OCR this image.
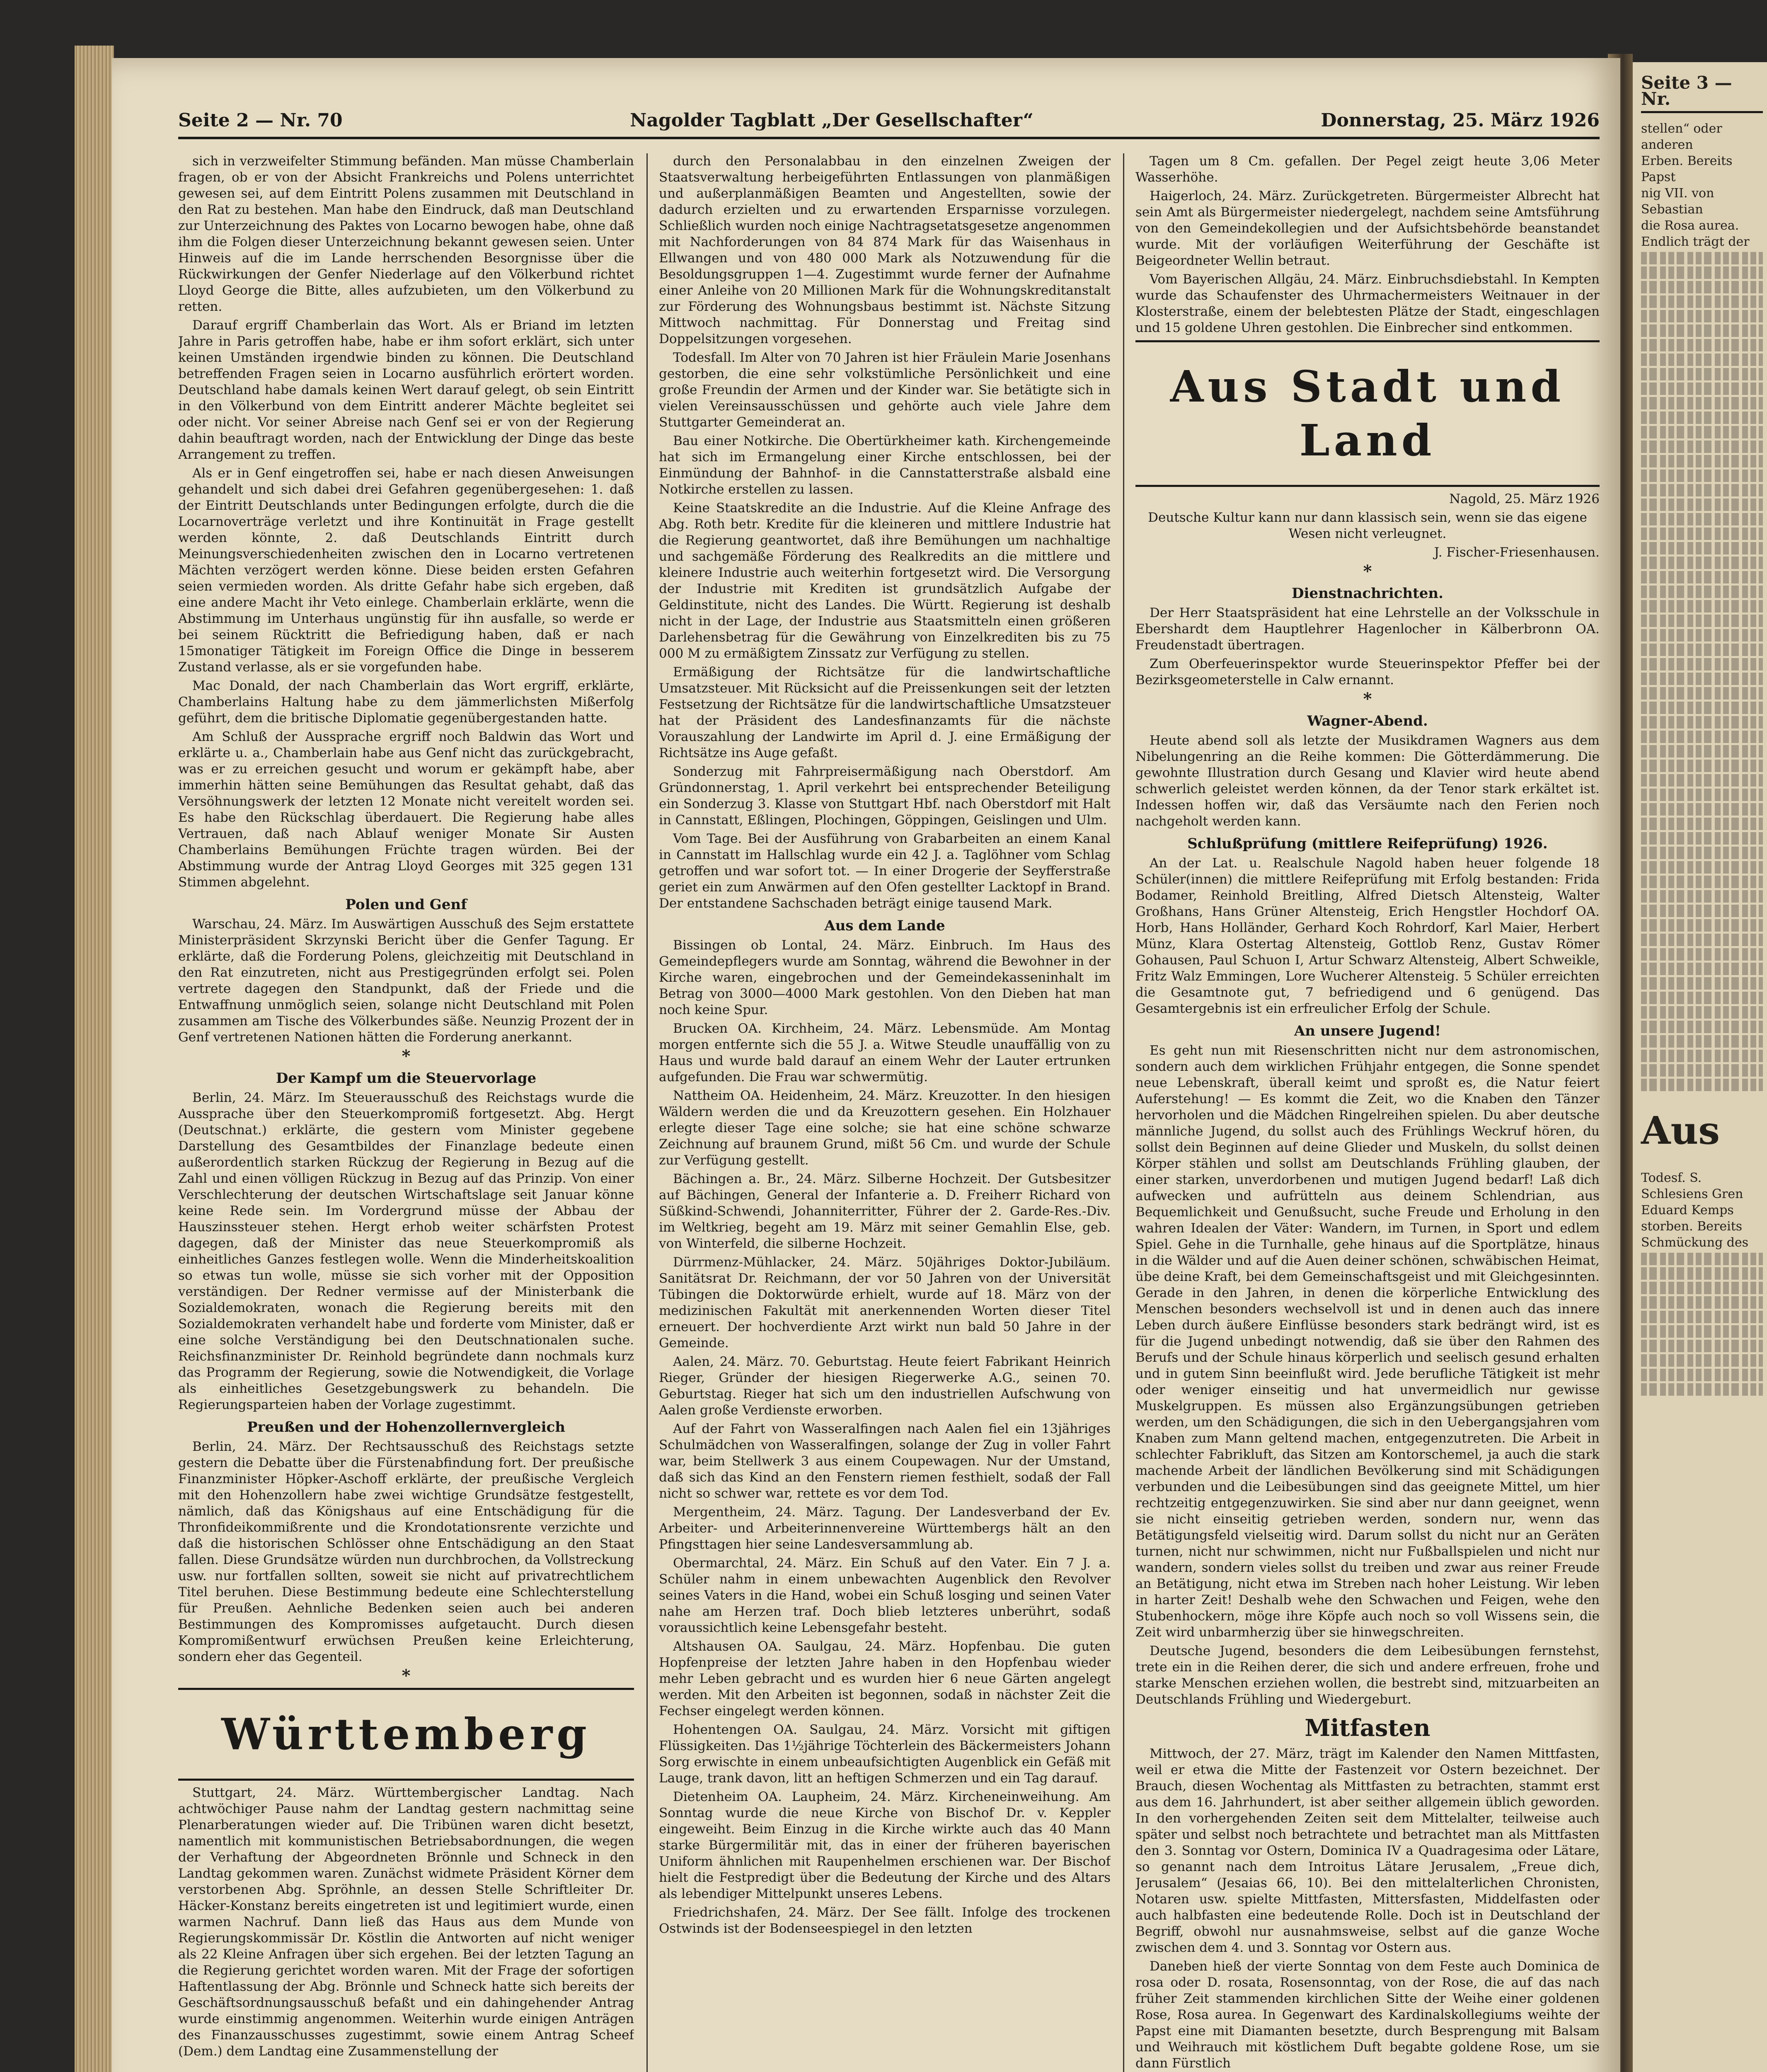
Seite 2 — Nr. 70	Nagolder Tagblatt „Der Gesellschafter“	Donnerstag, 25. März 1926

sich in verzweifelter Stimmung befänden. Man müsse Chamberlain fragen, ob er von der Absicht Frankreichs und Polens unterrichtet gewesen sei, auf dem Eintritt Polens zusammen mit Deutschland in den Rat zu bestehen. Man habe den Eindruck, daß man Deutschland zur Unterzeichnung des Paktes von Locarno bewogen habe, ohne daß ihm die Folgen dieser Unterzeichnung bekannt gewesen seien. Unter Hinweis auf die im Lande herrschenden Besorgnisse über die Rückwirkungen der Genfer Niederlage auf den Völkerbund richtet Lloyd George die Bitte, alles aufzubieten, um den Völkerbund zu retten.

Darauf ergriff Chamberlain das Wort. Als er Briand im letzten Jahre in Paris getroffen habe, habe er ihm sofort erklärt, sich unter keinen Umständen irgendwie binden zu können. Die Deutschland betreffenden Fragen seien in Locarno ausführlich erörtert worden. Deutschland habe damals keinen Wert darauf gelegt, ob sein Eintritt in den Völkerbund von dem Eintritt anderer Mächte begleitet sei oder nicht. Vor seiner Abreise nach Genf sei er von der Regierung dahin beauftragt worden, nach der Entwicklung der Dinge das beste Arrangement zu treffen.

Als er in Genf eingetroffen sei, habe er nach diesen Anweisungen gehandelt und sich dabei drei Gefahren gegenübergesehen: 1. daß der Eintritt Deutschlands unter Bedingungen erfolgte, durch die die Locarnoverträge verletzt und ihre Kontinuität in Frage gestellt werden könnte, 2. daß Deutschlands Eintritt durch Meinungsverschiedenheiten zwischen den in Locarno vertretenen Mächten verzögert werden könne. Diese beiden ersten Gefahren seien vermieden worden. Als dritte Gefahr habe sich ergeben, daß eine andere Macht ihr Veto einlege. Chamberlain erklärte, wenn die Abstimmung im Unterhaus ungünstig für ihn ausfalle, so werde er bei seinem Rücktritt die Befriedigung haben, daß er nach 15monatiger Tätigkeit im Foreign Office die Dinge in besserem Zustand verlasse, als er sie vorgefunden habe.

Mac Donald, der nach Chamberlain das Wort ergriff, erklärte, Chamberlains Haltung habe zu dem jämmerlichsten Mißerfolg geführt, dem die britische Diplomatie gegenübergestanden hatte.

Am Schluß der Aussprache ergriff noch Baldwin das Wort und erklärte u. a., Chamberlain habe aus Genf nicht das zurückgebracht, was er zu erreichen gesucht und worum er gekämpft habe, aber immerhin hätten seine Bemühungen das Resultat gehabt, daß das Versöhnungswerk der letzten 12 Monate nicht vereitelt worden sei. Es habe den Rückschlag überdauert. Die Regierung habe alles Vertrauen, daß nach Ablauf weniger Monate Sir Austen Chamberlains Bemühungen Früchte tragen würden. Bei der Abstimmung wurde der Antrag Lloyd Georges mit 325 gegen 131 Stimmen abgelehnt.

Polen und Genf

Warschau, 24. März. Im Auswärtigen Ausschuß des Sejm erstattete Ministerpräsident Skrzynski Bericht über die Genfer Tagung. Er erklärte, daß die Forderung Polens, gleichzeitig mit Deutschland in den Rat einzutreten, nicht aus Prestigegründen erfolgt sei. Polen vertrete dagegen den Standpunkt, daß der Friede und die Entwaffnung unmöglich seien, solange nicht Deutschland mit Polen zusammen am Tische des Völkerbundes säße. Neunzig Prozent der in Genf vertretenen Nationen hätten die Forderung anerkannt.

*
Der Kampf um die Steuervorlage

Berlin, 24. März. Im Steuerausschuß des Reichstags wurde die Aussprache über den Steuerkompromiß fortgesetzt. Abg. Hergt (Deutschnat.) erklärte, die gestern vom Minister gegebene Darstellung des Gesamtbildes der Finanzlage bedeute einen außerordentlich starken Rückzug der Regierung in Bezug auf die Zahl und einen völligen Rückzug in Bezug auf das Prinzip. Von einer Verschlechterung der deutschen Wirtschaftslage seit Januar könne keine Rede sein. Im Vordergrund müsse der Abbau der Hauszinssteuer stehen. Hergt erhob weiter schärfsten Protest dagegen, daß der Minister das neue Steuerkompromiß als einheitliches Ganzes festlegen wolle. Wenn die Minderheitskoalition so etwas tun wolle, müsse sie sich vorher mit der Opposition verständigen. Der Redner vermisse auf der Ministerbank die Sozialdemokraten, wonach die Regierung bereits mit den Sozialdemokraten verhandelt habe und forderte vom Minister, daß er eine solche Verständigung bei den Deutschnationalen suche. Reichsfinanzminister Dr. Reinhold begründete dann nochmals kurz das Programm der Regierung, sowie die Notwendigkeit, die Vorlage als einheitliches Gesetzgebungswerk zu behandeln. Die Regierungsparteien haben der Vorlage zugestimmt.

Preußen und der Hohenzollernvergleich

Berlin, 24. März. Der Rechtsausschuß des Reichstags setzte gestern die Debatte über die Fürstenabfindung fort. Der preußische Finanzminister Höpker-Aschoff erklärte, der preußische Vergleich mit den Hohenzollern habe zwei wichtige Grundsätze festgestellt, nämlich, daß das Königshaus auf eine Entschädigung für die Thronfideikommißrente und die Krondotationsrente verzichte und daß die historischen Schlösser ohne Entschädigung an den Staat fallen. Diese Grundsätze würden nun durchbrochen, da Vollstreckung usw. nur fortfallen sollten, soweit sie nicht auf privatrechtlichem Titel beruhen. Diese Bestimmung bedeute eine Schlechterstellung für Preußen. Aehnliche Bedenken seien auch bei anderen Bestimmungen des Kompromisses aufgetaucht. Durch diesen Kompromißentwurf erwüchsen Preußen keine Erleichterung, sondern eher das Gegenteil.

*
Württemberg

Stuttgart, 24. März. Württembergischer Landtag. Nach achtwöchiger Pause nahm der Landtag gestern nachmittag seine Plenarberatungen wieder auf. Die Tribünen waren dicht besetzt, namentlich mit kommunistischen Betriebsabordnungen, die wegen der Verhaftung der Abgeordneten Brönnle und Schneck in den Landtag gekommen waren. Zunächst widmete Präsident Körner dem verstorbenen Abg. Spröhnle, an dessen Stelle Schriftleiter Dr. Häcker-Konstanz bereits eingetreten ist und legitimiert wurde, einen warmen Nachruf. Dann ließ das Haus aus dem Munde von Regierungskommissär Dr. Köstlin die Antworten auf nicht weniger als 22 Kleine Anfragen über sich ergehen. Bei der letzten Tagung an die Regierung gerichtet worden waren. Mit der Frage der sofortigen Haftentlassung der Abg. Brönnle und Schneck hatte sich bereits der Geschäftsordnungsausschuß befaßt und ein dahingehender Antrag wurde einstimmig angenommen. Weiterhin wurde einigen Anträgen des Finanzausschusses zugestimmt, sowie einem Antrag Scheef (Dem.) dem Landtag eine Zusammenstellung der

durch den Personalabbau in den einzelnen Zweigen der Staatsverwaltung herbeigeführten Entlassungen von planmäßigen und außerplanmäßigen Beamten und Angestellten, sowie der dadurch erzielten und zu erwartenden Ersparnisse vorzulegen. Schließlich wurden noch einige Nachtragsetatsgesetze angenommen mit Nachforderungen von 84 874 Mark für das Waisenhaus in Ellwangen und von 480 000 Mark als Notzuwendung für die Besoldungsgruppen 1—4. Zugestimmt wurde ferner der Aufnahme einer Anleihe von 20 Millionen Mark für die Wohnungskreditanstalt zur Förderung des Wohnungsbaus bestimmt ist. Nächste Sitzung Mittwoch nachmittag. Für Donnerstag und Freitag sind Doppelsitzungen vorgesehen.

Todesfall. Im Alter von 70 Jahren ist hier Fräulein Marie Josenhans gestorben, die eine sehr volkstümliche Persönlichkeit und eine große Freundin der Armen und der Kinder war. Sie betätigte sich in vielen Vereinsausschüssen und gehörte auch viele Jahre dem Stuttgarter Gemeinderat an.

Bau einer Notkirche. Die Obertürkheimer kath. Kirchengemeinde hat sich im Ermangelung einer Kirche entschlossen, bei der Einmündung der Bahnhof- in die Cannstatterstraße alsbald eine Notkirche erstellen zu lassen.

Keine Staatskredite an die Industrie. Auf die Kleine Anfrage des Abg. Roth betr. Kredite für die kleineren und mittlere Industrie hat die Regierung geantwortet, daß ihre Bemühungen um nachhaltige und sachgemäße Förderung des Realkredits an die mittlere und kleinere Industrie auch weiterhin fortgesetzt wird. Die Versorgung der Industrie mit Krediten ist grundsätzlich Aufgabe der Geldinstitute, nicht des Landes. Die Württ. Regierung ist deshalb nicht in der Lage, der Industrie aus Staatsmitteln einen größeren Darlehensbetrag für die Gewährung von Einzelkrediten bis zu 75 000 M zu ermäßigtem Zinssatz zur Verfügung zu stellen.

Ermäßigung der Richtsätze für die landwirtschaftliche Umsatzsteuer. Mit Rücksicht auf die Preissenkungen seit der letzten Festsetzung der Richtsätze für die landwirtschaftliche Umsatzsteuer hat der Präsident des Landesfinanzamts für die nächste Vorauszahlung der Landwirte im April d. J. eine Ermäßigung der Richtsätze ins Auge gefaßt.

Sonderzug mit Fahrpreisermäßigung nach Oberstdorf. Am Gründonnerstag, 1. April verkehrt bei entsprechender Beteiligung ein Sonderzug 3. Klasse von Stuttgart Hbf. nach Oberstdorf mit Halt in Cannstatt, Eßlingen, Plochingen, Göppingen, Geislingen und Ulm.

Vom Tage. Bei der Ausführung von Grabarbeiten an einem Kanal in Cannstatt im Hallschlag wurde ein 42 J. a. Taglöhner vom Schlag getroffen und war sofort tot. — In einer Drogerie der Seyfferstraße geriet ein zum Anwärmen auf den Ofen gestellter Lacktopf in Brand. Der entstandene Sachschaden beträgt einige tausend Mark.

Aus dem Lande

Bissingen ob Lontal, 24. März. Einbruch. Im Haus des Gemeindepflegers wurde am Sonntag, während die Bewohner in der Kirche waren, eingebrochen und der Gemeindekasseninhalt im Betrag von 3000—4000 Mark gestohlen. Von den Dieben hat man noch keine Spur.

Brucken OA. Kirchheim, 24. März. Lebensmüde. Am Montag morgen entfernte sich die 55 J. a. Witwe Steudle unauffällig von zu Haus und wurde bald darauf an einem Wehr der Lauter ertrunken aufgefunden. Die Frau war schwermütig.

Nattheim OA. Heidenheim, 24. März. Kreuzotter. In den hiesigen Wäldern werden die und da Kreuzottern gesehen. Ein Holzhauer erlegte dieser Tage eine solche; sie hat eine schöne schwarze Zeichnung auf braunem Grund, mißt 56 Cm. und wurde der Schule zur Verfügung gestellt.

Bächingen a. Br., 24. März. Silberne Hochzeit. Der Gutsbesitzer auf Bächingen, General der Infanterie a. D. Freiherr Richard von Süßkind-Schwendi, Johanniterritter, Führer der 2. Garde-Res.-Div. im Weltkrieg, begeht am 19. März mit seiner Gemahlin Else, geb. von Winterfeld, die silberne Hochzeit.

Dürrmenz-Mühlacker, 24. März. 50jähriges Doktor-Jubiläum. Sanitätsrat Dr. Reichmann, der vor 50 Jahren von der Universität Tübingen die Doktorwürde erhielt, wurde auf 18. März von der medizinischen Fakultät mit anerkennenden Worten dieser Titel erneuert. Der hochverdiente Arzt wirkt nun bald 50 Jahre in der Gemeinde.

Aalen, 24. März. 70. Geburtstag. Heute feiert Fabrikant Heinrich Rieger, Gründer der hiesigen Riegerwerke A.G., seinen 70. Geburtstag. Rieger hat sich um den industriellen Aufschwung von Aalen große Verdienste erworben.

Auf der Fahrt von Wasseralfingen nach Aalen fiel ein 13jähriges Schulmädchen von Wasseralfingen, solange der Zug in voller Fahrt war, beim Stellwerk 3 aus einem Coupewagen. Nur der Umstand, daß sich das Kind an den Fenstern riemen festhielt, sodaß der Fall nicht so schwer war, rettete es vor dem Tod.

Mergentheim, 24. März. Tagung. Der Landesverband der Ev. Arbeiter- und Arbeiterinnenvereine Württembergs hält an den Pfingsttagen hier seine Landesversammlung ab.

Obermarchtal, 24. März. Ein Schuß auf den Vater. Ein 7 J. a. Schüler nahm in einem unbewachten Augenblick den Revolver seines Vaters in die Hand, wobei ein Schuß losging und seinen Vater nahe am Herzen traf. Doch blieb letzteres unberührt, sodaß voraussichtlich keine Lebensgefahr besteht.

Altshausen OA. Saulgau, 24. März. Hopfenbau. Die guten Hopfenpreise der letzten Jahre haben in den Hopfenbau wieder mehr Leben gebracht und es wurden hier 6 neue Gärten angelegt werden. Mit den Arbeiten ist begonnen, sodaß in nächster Zeit die Fechser eingelegt werden können.

Hohentengen OA. Saulgau, 24. März. Vorsicht mit giftigen Flüssigkeiten. Das 1½jährige Töchterlein des Bäckermeisters Johann Sorg erwischte in einem unbeaufsichtigten Augenblick ein Gefäß mit Lauge, trank davon, litt an heftigen Schmerzen und ein Tag darauf.

Dietenheim OA. Laupheim, 24. März. Kircheneinweihung. Am Sonntag wurde die neue Kirche von Bischof Dr. v. Keppler eingeweiht. Beim Einzug in die Kirche wirkte auch das 40 Mann starke Bürgermilitär mit, das in einer der früheren bayerischen Uniform ähnlichen mit Raupenhelmen erschienen war. Der Bischof hielt die Festpredigt über die Bedeutung der Kirche und des Altars als lebendiger Mittelpunkt unseres Lebens.

Friedrichshafen, 24. März. Der See fällt. Infolge des trockenen Ostwinds ist der Bodenseespiegel in den letzten

Tagen um 8 Cm. gefallen. Der Pegel zeigt heute 3,06 Meter Wasserhöhe.

Haigerloch, 24. März. Zurückgetreten. Bürgermeister Albrecht hat sein Amt als Bürgermeister niedergelegt, nachdem seine Amtsführung von den Gemeindekollegien und der Aufsichtsbehörde beanstandet wurde. Mit der vorläufigen Weiterführung der Geschäfte ist Beigeordneter Wellin betraut.

Vom Bayerischen Allgäu, 24. März. Einbruchsdiebstahl. In Kempten wurde das Schaufenster des Uhrmachermeisters Weitnauer in der Klosterstraße, einem der belebtesten Plätze der Stadt, eingeschlagen und 15 goldene Uhren gestohlen. Die Einbrecher sind entkommen.

Aus Stadt und Land

Nagold, 25. März 1926

Deutsche Kultur kann nur dann klassisch sein, wenn sie das eigene Wesen nicht verleugnet.

J. Fischer-Friesenhausen.

*
Dienstnachrichten.

Der Herr Staatspräsident hat eine Lehrstelle an der Volksschule in Ebershardt dem Hauptlehrer Hagenlocher in Kälberbronn OA. Freudenstadt übertragen.

Zum Oberfeuerinspektor wurde Steuerinspektor Pfeffer bei der Bezirksgeometerstelle in Calw ernannt.

*
Wagner-Abend.

Heute abend soll als letzte der Musikdramen Wagners aus dem Nibelungenring an die Reihe kommen: Die Götterdämmerung. Die gewohnte Illustration durch Gesang und Klavier wird heute abend schwerlich geleistet werden können, da der Tenor stark erkältet ist. Indessen hoffen wir, daß das Versäumte nach den Ferien noch nachgeholt werden kann.

Schlußprüfung (mittlere Reifeprüfung) 1926.

An der Lat. u. Realschule Nagold haben heuer folgende 18 Schüler(innen) die mittlere Reifeprüfung mit Erfolg bestanden: Frida Bodamer, Reinhold Breitling, Alfred Dietsch Altensteig, Walter Großhans, Hans Grüner Altensteig, Erich Hengstler Hochdorf OA. Horb, Hans Holländer, Gerhard Koch Rohrdorf, Karl Maier, Herbert Münz, Klara Ostertag Altensteig, Gottlob Renz, Gustav Römer Gohausen, Paul Schuon I, Artur Schwarz Altensteig, Albert Schweikle, Fritz Walz Emmingen, Lore Wucherer Altensteig. 5 Schüler erreichten die Gesamtnote gut, 7 befriedigend und 6 genügend. Das Gesamtergebnis ist ein erfreulicher Erfolg der Schule.

An unsere Jugend!

Es geht nun mit Riesenschritten nicht nur dem astronomischen, sondern auch dem wirklichen Frühjahr entgegen, die Sonne spendet neue Lebenskraft, überall keimt und sproßt es, die Natur feiert Auferstehung! — Es kommt die Zeit, wo die Knaben den Tänzer hervorholen und die Mädchen Ringelreihen spielen. Du aber deutsche männliche Jugend, du sollst auch des Frühlings Weckruf hören, du sollst dein Beginnen auf deine Glieder und Muskeln, du sollst deinen Körper stählen und sollst am Deutschlands Frühling glauben, der einer starken, unverdorbenen und mutigen Jugend bedarf! Laß dich aufwecken und aufrütteln aus deinem Schlendrian, aus Bequemlichkeit und Genußsucht, suche Freude und Erholung in den wahren Idealen der Väter: Wandern, im Turnen, in Sport und edlem Spiel. Gehe in die Turnhalle, gehe hinaus auf die Sportplätze, hinaus in die Wälder und auf die Auen deiner schönen, schwäbischen Heimat, übe deine Kraft, bei dem Gemeinschaftsgeist und mit Gleichgesinnten. Gerade in den Jahren, in denen die körperliche Entwicklung des Menschen besonders wechselvoll ist und in denen auch das innere Leben durch äußere Einflüsse besonders stark bedrängt wird, ist es für die Jugend unbedingt notwendig, daß sie über den Rahmen des Berufs und der Schule hinaus körperlich und seelisch gesund erhalten und in gutem Sinn beeinflußt wird. Jede berufliche Tätigkeit ist mehr oder weniger einseitig und hat unvermeidlich nur gewisse Muskelgruppen. Es müssen also Ergänzungsübungen getrieben werden, um den Schädigungen, die sich in den Uebergangsjahren vom Knaben zum Mann geltend machen, entgegenzutreten. Die Arbeit in schlechter Fabrikluft, das Sitzen am Kontorschemel, ja auch die stark machende Arbeit der ländlichen Bevölkerung sind mit Schädigungen verbunden und die Leibesübungen sind das geeignete Mittel, um hier rechtzeitig entgegenzuwirken. Sie sind aber nur dann geeignet, wenn sie nicht einseitig getrieben werden, sondern nur, wenn das Betätigungsfeld vielseitig wird. Darum sollst du nicht nur an Geräten turnen, nicht nur schwimmen, nicht nur Fußballspielen und nicht nur wandern, sondern vieles sollst du treiben und zwar aus reiner Freude an Betätigung, nicht etwa im Streben nach hoher Leistung. Wir leben in harter Zeit! Deshalb wehe den Schwachen und Feigen, wehe den Stubenhockern, möge ihre Köpfe auch noch so voll Wissens sein, die Zeit wird unbarmherzig über sie hinwegschreiten.

Deutsche Jugend, besonders die dem Leibesübungen fernstehst, trete ein in die Reihen derer, die sich und andere erfreuen, frohe und starke Menschen erziehen wollen, die bestrebt sind, mitzuarbeiten an Deutschlands Frühling und Wiedergeburt.

Mitfasten

Mittwoch, der 27. März, trägt im Kalender den Namen Mittfasten, weil er etwa die Mitte der Fastenzeit vor Ostern bezeichnet. Der Brauch, diesen Wochentag als Mittfasten zu betrachten, stammt erst aus dem 16. Jahrhundert, ist aber seither allgemein üblich geworden. In den vorhergehenden Zeiten seit dem Mittelalter, teilweise auch später und selbst noch betrachtete und betrachtet man als Mittfasten den 3. Sonntag vor Ostern, Dominica IV a Quadragesima oder Lätare, so genannt nach dem Introitus Lätare Jerusalem, „Freue dich, Jerusalem“ (Jesaias 66, 10). Bei den mittelalterlichen Chronisten, Notaren usw. spielte Mittfasten, Mittersfasten, Middelfasten oder auch halbfasten eine bedeutende Rolle. Doch ist in Deutschland der Begriff, obwohl nur ausnahmsweise, selbst auf die ganze Woche zwischen dem 4. und 3. Sonntag vor Ostern aus.

Daneben hieß der vierte Sonntag von dem Feste auch Dominica de rosa oder D. rosata, Rosensonntag, von der Rose, die auf das nach früher Zeit stammenden kirchlichen Sitte der Weihe einer goldenen Rose, Rosa aurea. In Gegenwart des Kardinalskollegiums weihte der Papst eine mit Diamanten besetzte, durch Besprengung mit Balsam und Weihrauch mit köstlichem Duft begabte goldene Rose, um sie dann Fürstlich

Seite 3 — Nr.
stellen“ oder anderen
Erben. Bereits Papst
nig VII. von Sebastian
die Rosa aurea.
Endlich trägt der
Aus
Todesf. S.
Schlesiens Gren
Eduard Kemps
storben. Bereits
Schmückung des
